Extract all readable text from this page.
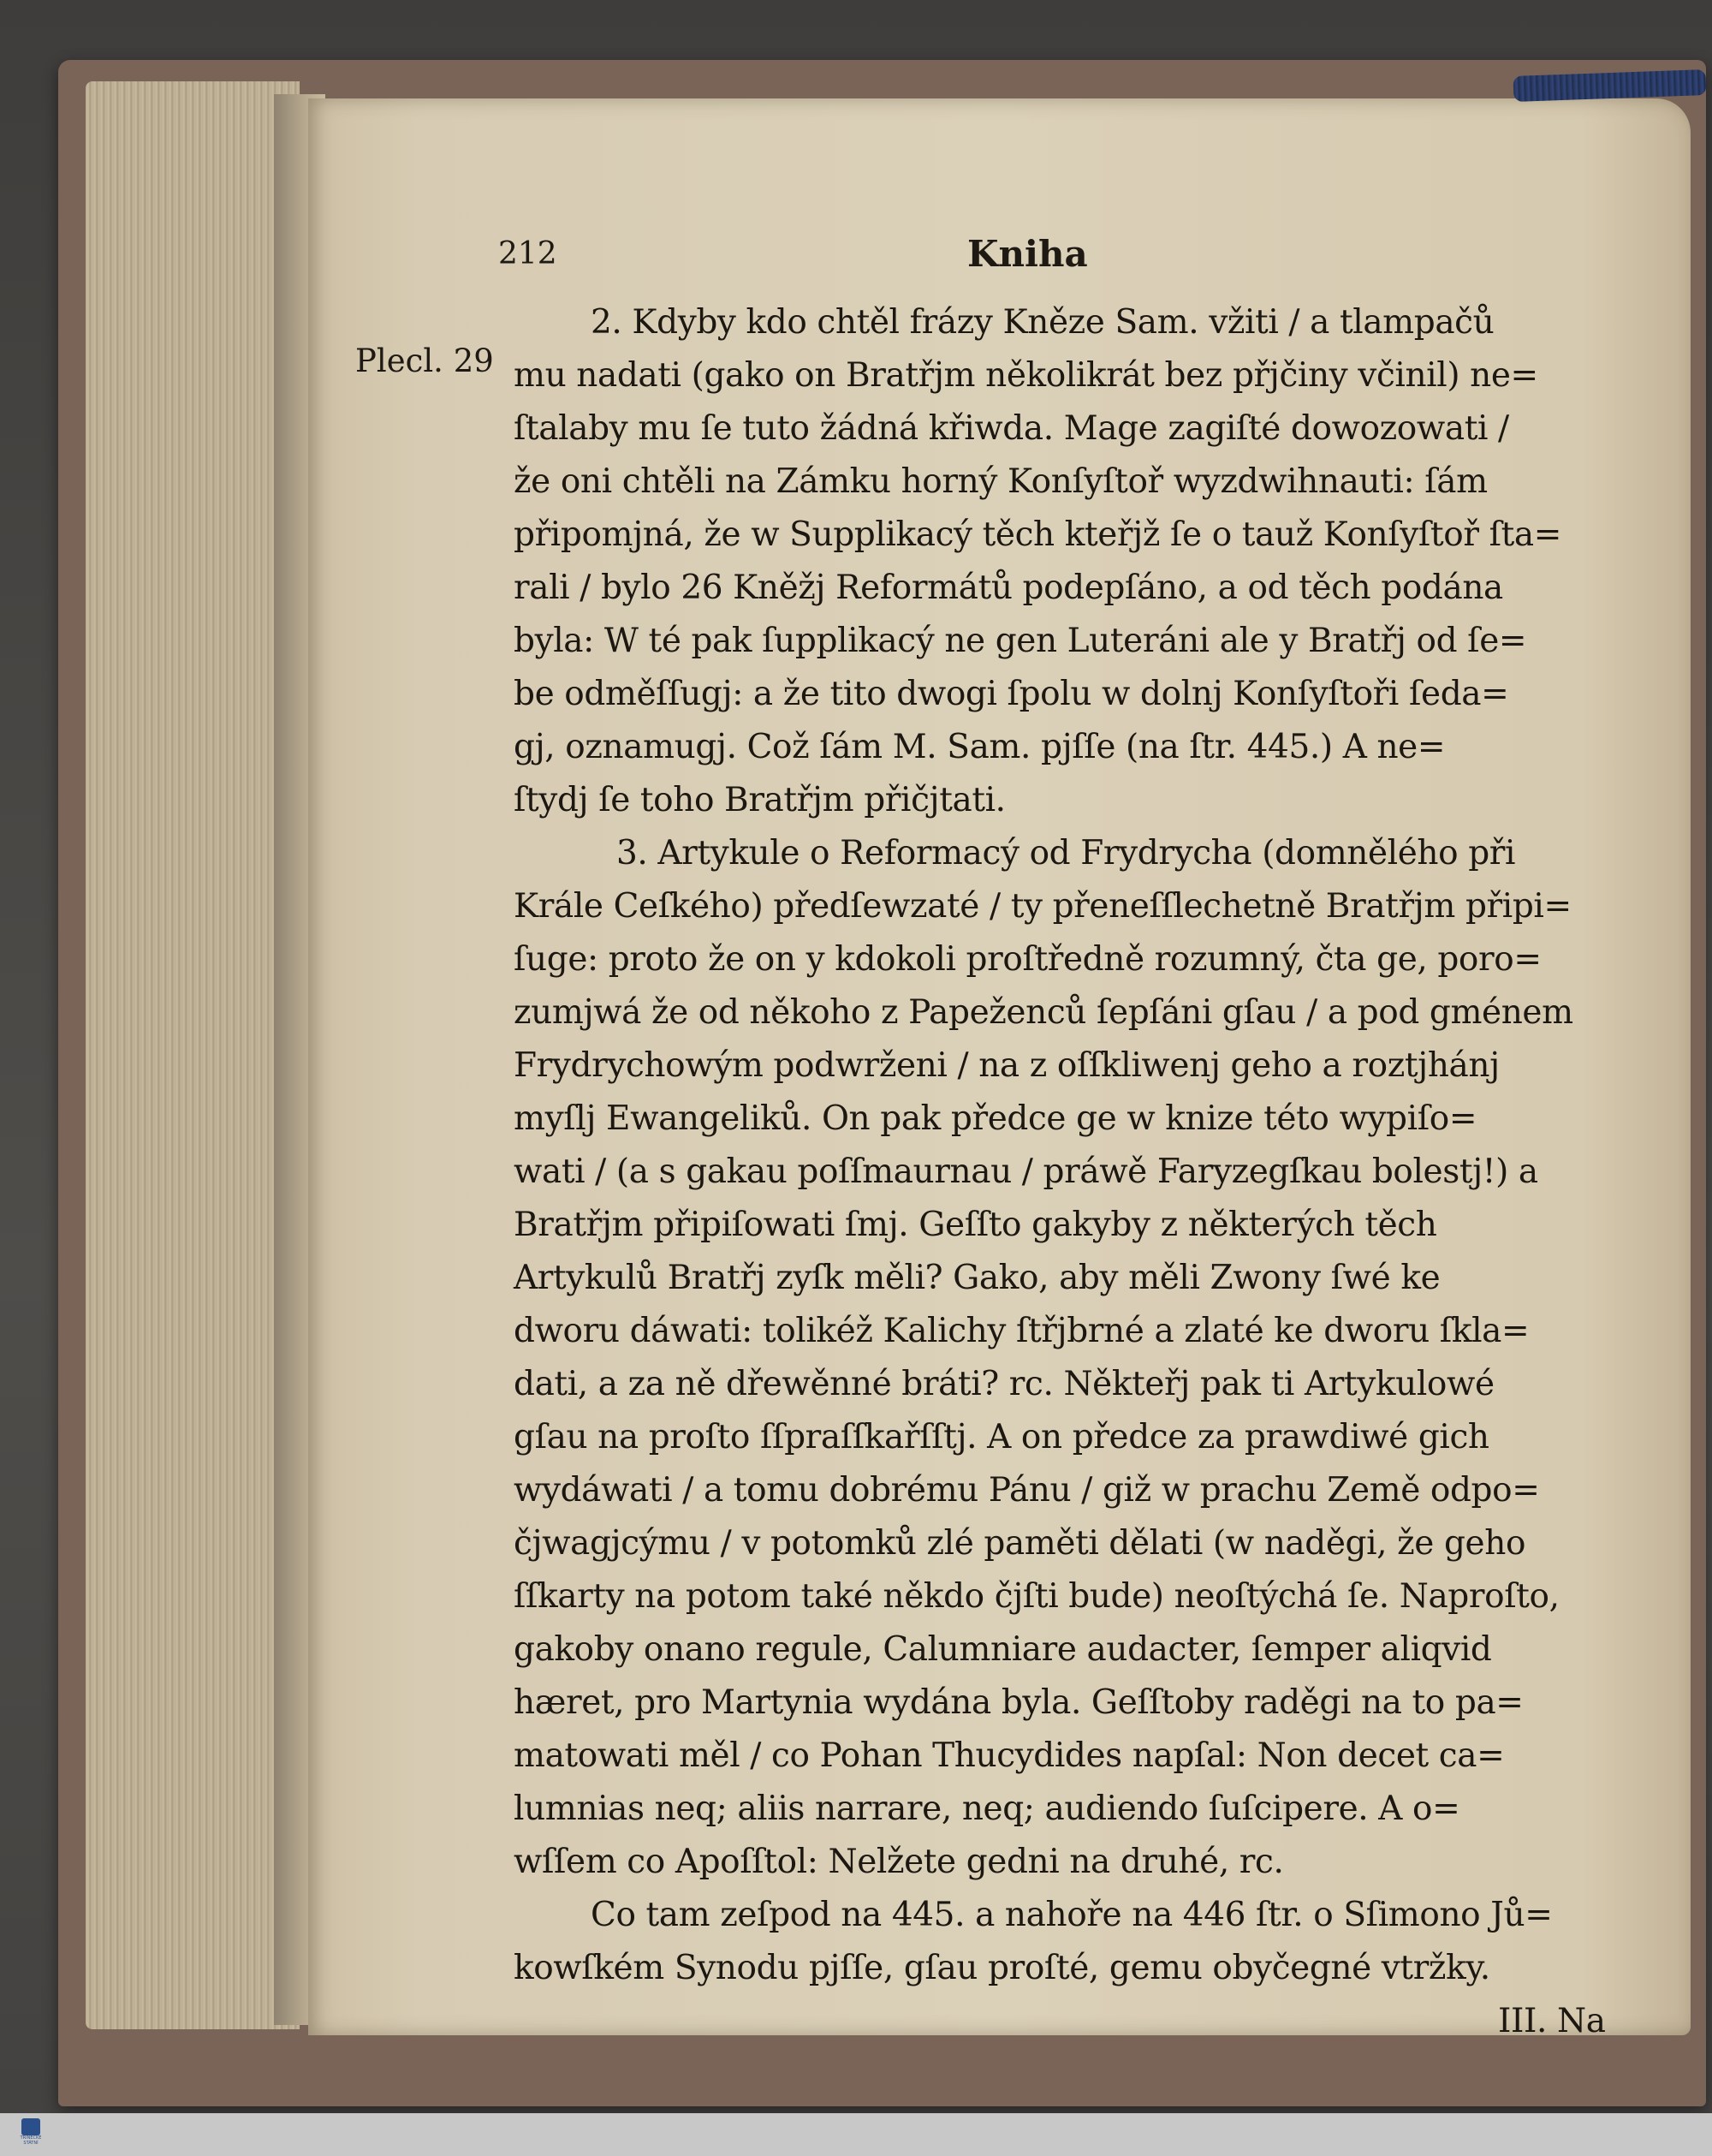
212	Kniha
Plecl. 29
2. Kdyby kdo chtěl frázy Kněze Sam. vžiti / a tlampačů
mu nadati (gako on Bratřjm několikrát bez přjčiny včinil) ne=
ſtalaby mu ſe tuto žádná křiwda. Mage zagiſté dowozowati /
že oni chtěli na Zámku horný Konſyſtoř wyzdwihnauti: ſám
připomjná, že w Supplikacý těch kteřjž ſe o tauž Konſyſtoř ſta=
rali / bylo 26 Kněžj Reformátů podepſáno, a od těch podána
byla: W té pak ſupplikacý ne gen Luteráni ale y Bratřj od ſe=
be odměſſugj: a že tito dwogi ſpolu w dolnj Konſyſtoři ſeda=
gj, oznamugj. Což ſám M. Sam. pjſſe (na ſtr. 445.) A ne=
ſtydj ſe toho Bratřjm přičjtati.
3. Artykule o Reformacý od Frydrycha (domněléhо při
Krále Ceſkého) předſewzaté / ty přeneſſlechetně Bratřjm připi=
ſuge: proto že on y kdokoli proſtředně rozumný, čta ge, poro=
zumjwá že od někoho z Papeženců ſepſáni gſau / a pod gménem
Frydrychowým podwrženi / na z oſſklіwenj geho a roztjhánj
myſlj Ewangeliků. On pak předce ge w knize této wypiſo=
wati / (a s gakau poſſmaurnau / práwě Faryzegſkau bolestj!) a
Bratřjm připiſowati ſmj. Geſſto gakyby z některých těch
Artykulů Bratřj zyſk měli? Gako, aby měli Zwony ſwé ke
dworu dáwati: tolikéž Kalichy ſtřjbrné a zlaté ke dworu ſkla=
dati, a za ně dřewěnné bráti? rc. Někteřj pak ti Artykulowé
gſau na proſto ſſpraſſkařſſtj. A on předce za prawdiwé gich
wydáwati / a tomu dobrému Pánu / giž w prachu Země odpo=
čjwagjcýmu / v potomků zlé paměti dělati (w naděgi, že geho
ſſkarty na potom také někdo čjſti bude) neoſtýchá ſe. Naproſto,
gakoby onano regule, Calumniare audacter, ſemper aliqvid
hæret, pro Martynia wydána byla. Geſſtoby raděgi na to pa=
matowati měl / co Pohan Thucydides napſal: Non decet ca=
lumnias neq; aliis narrare, neq; audiendo ſuſcipere. A o=
wſſem co Apoſſtol: Nelžete gedni na druhé, rc.
Co tam zeſpod na 445. a nahoře na 446 ſtr. o Sſimono Jů=
kowſkém Synodu pjſſe, gſau proſté, gemu obyčegné vtržky.
III. Na
TŘINECKÉ STÁTNÍ
